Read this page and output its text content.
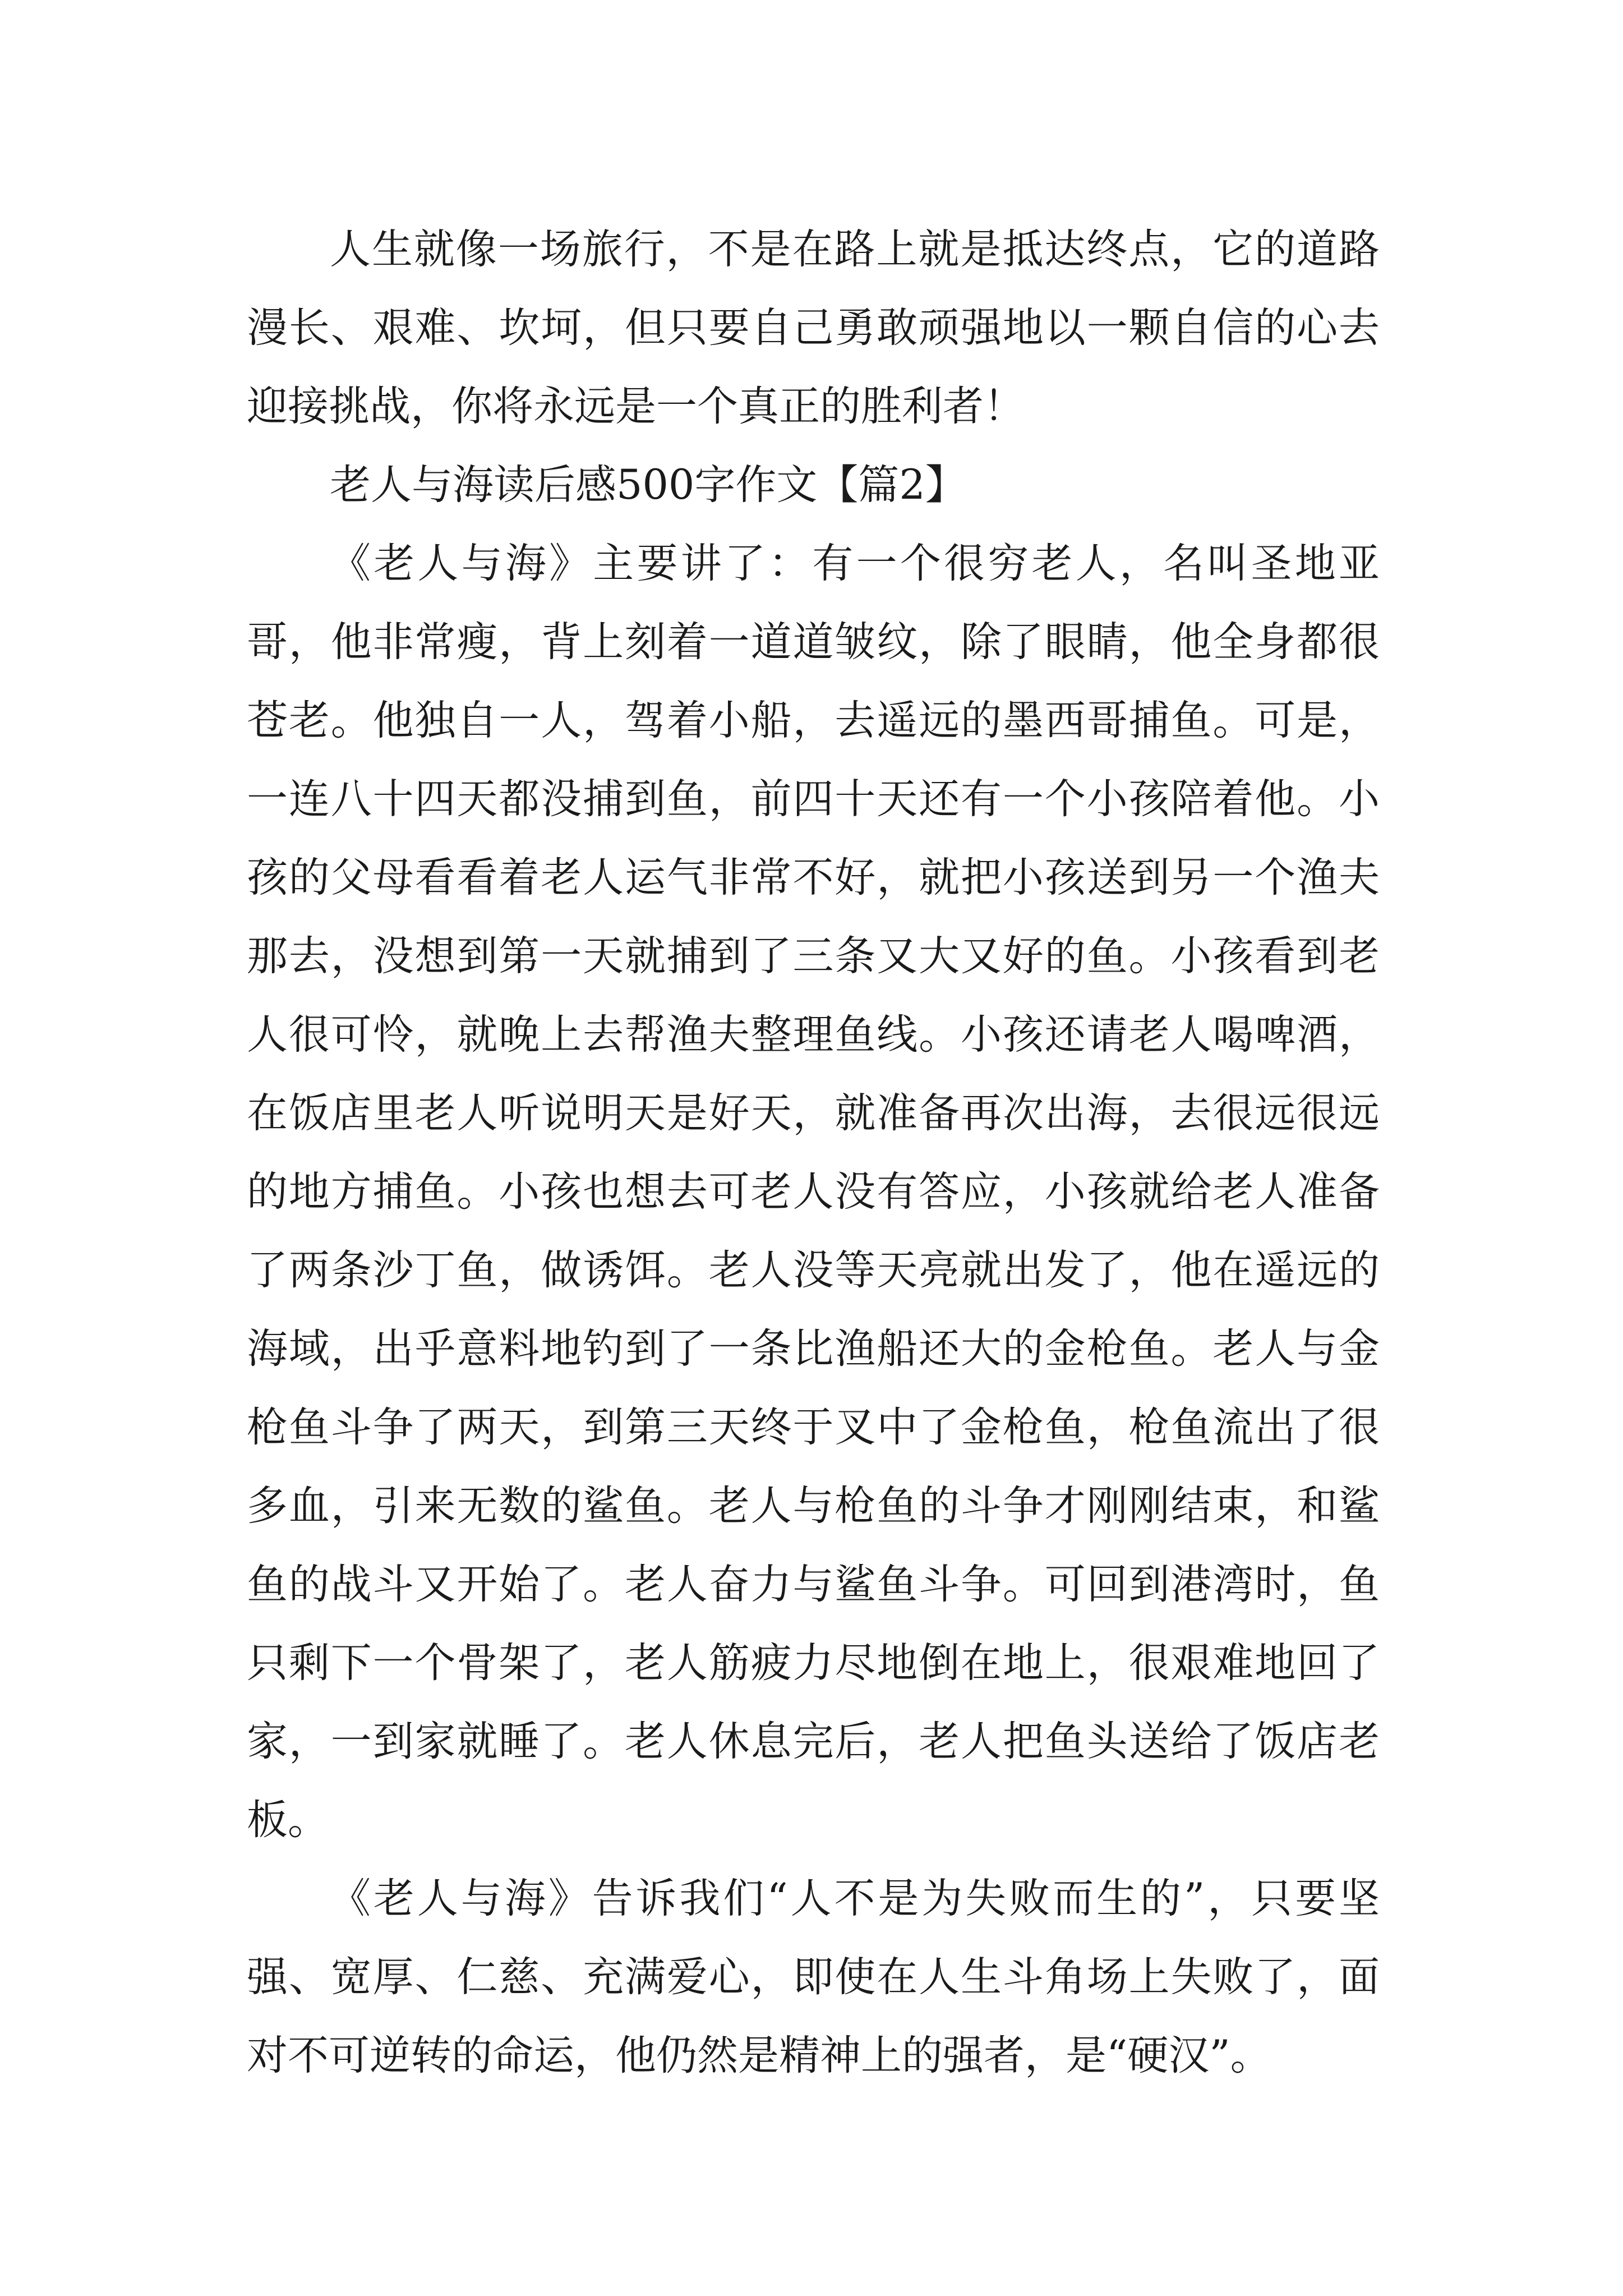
人生就像一场旅行，不是在路上就是抵达终点，它的道路漫长、艰难、坎坷，但只要自己勇敢顽强地以一颗自信的心去迎接挑战，你将永远是一个真正的胜利者！

老人与海读后感500字作文【篇2】

《老人与海》主要讲了：有一个很穷老人，名叫圣地亚哥，他非常瘦，背上刻着一道道皱纹，除了眼睛，他全身都很苍老。他独自一人，驾着小船，去遥远的墨西哥捕鱼。可是，一连八十四天都没捕到鱼，前四十天还有一个小孩陪着他。小孩的父母看看着老人运气非常不好，就把小孩送到另一个渔夫那去，没想到第一天就捕到了三条又大又好的鱼。小孩看到老人很可怜，就晚上去帮渔夫整理鱼线。小孩还请老人喝啤酒，在饭店里老人听说明天是好天，就准备再次出海，去很远很远的地方捕鱼。小孩也想去可老人没有答应，小孩就给老人准备了两条沙丁鱼，做诱饵。老人没等天亮就出发了，他在遥远的海域，出乎意料地钓到了一条比渔船还大的金枪鱼。老人与金枪鱼斗争了两天，到第三天终于叉中了金枪鱼，枪鱼流出了很多血，引来无数的鲨鱼。老人与枪鱼的斗争才刚刚结束，和鲨鱼的战斗又开始了。老人奋力与鲨鱼斗争。可回到港湾时，鱼只剩下一个骨架了，老人筋疲力尽地倒在地上，很艰难地回了家，一到家就睡了。老人休息完后，老人把鱼头送给了饭店老板。

《老人与海》告诉我们“人不是为失败而生的”，只要坚强、宽厚、仁慈、充满爱心，即使在人生斗角场上失败了，面对不可逆转的命运，他仍然是精神上的强者，是“硬汉”。
